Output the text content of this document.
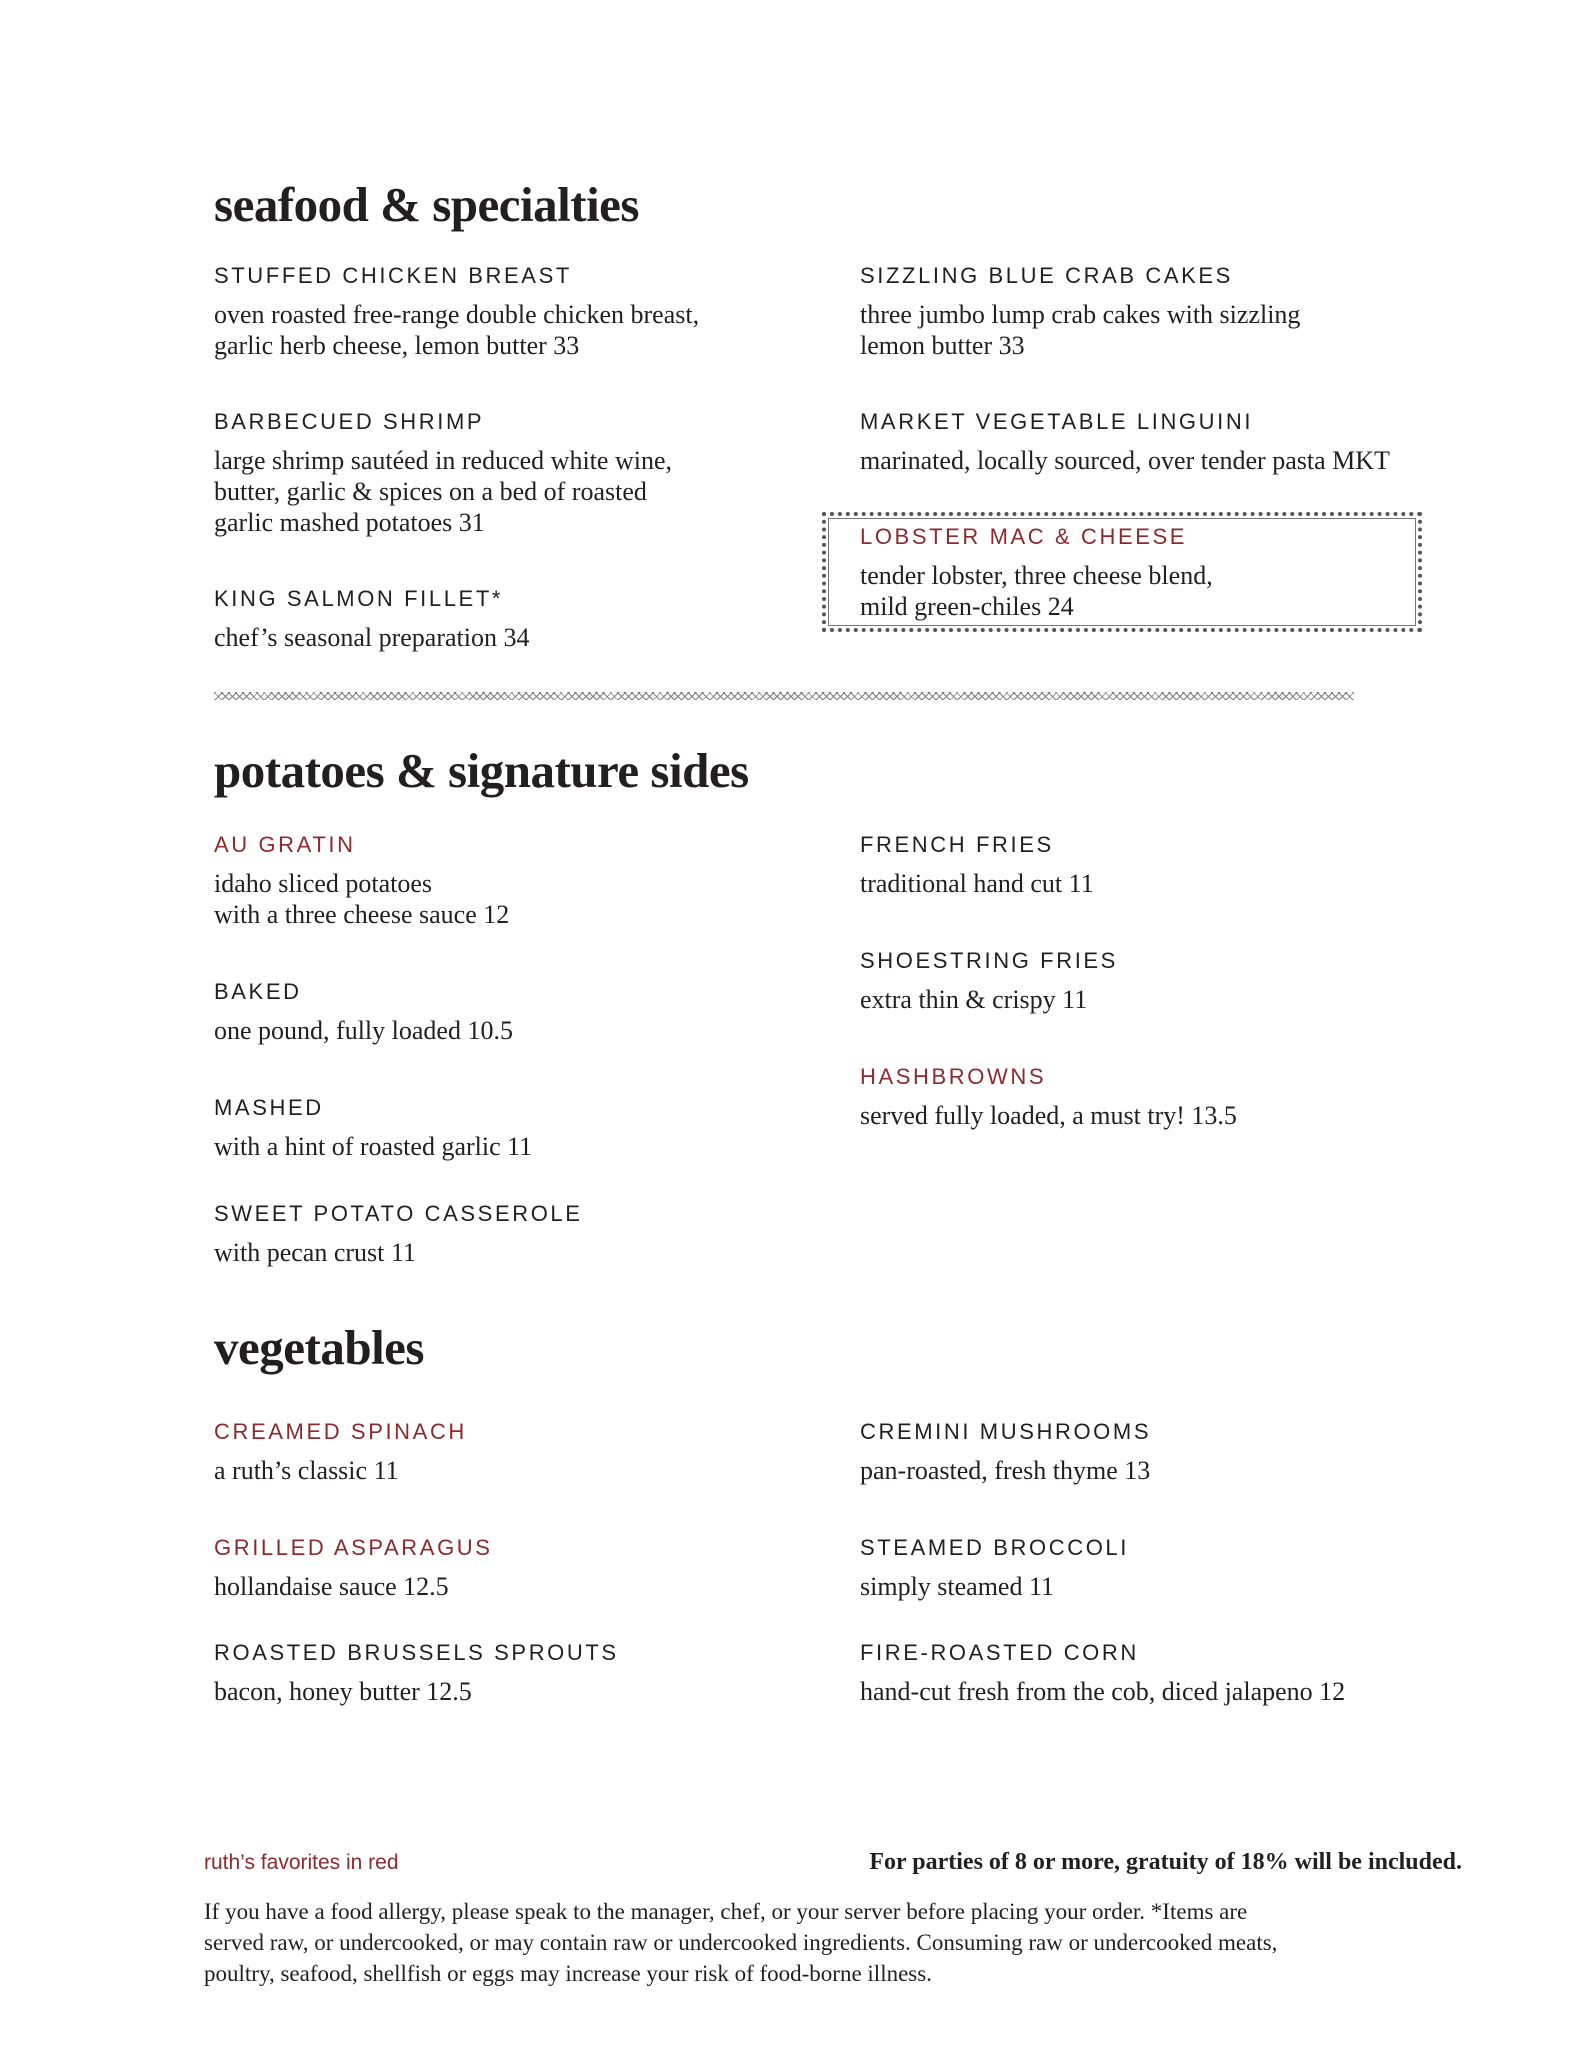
seafood & specialties

STUFFED CHICKEN BREAST

oven roasted free-range double chicken breast,
garlic herb cheese, lemon butter 33

BARBECUED SHRIMP

large shrimp sautéed in reduced white wine,
butter, garlic & spices on a bed of roasted
garlic mashed potatoes 31

KING SALMON FILLET*

chef’s seasonal preparation 34

SIZZLING BLUE CRAB CAKES

three jumbo lump crab cakes with sizzling
lemon butter 33

MARKET VEGETABLE LINGUINI

marinated, locally sourced, over tender pasta MKT

LOBSTER MAC & CHEESE

tender lobster, three cheese blend,
mild green-chiles 24

potatoes & signature sides

AU GRATIN

idaho sliced potatoes
with a three cheese sauce 12

BAKED

one pound, fully loaded 10.5

MASHED

with a hint of roasted garlic 11

SWEET POTATO CASSEROLE

with pecan crust 11

FRENCH FRIES

traditional hand cut 11

SHOESTRING FRIES

extra thin & crispy 11

HASHBROWNS

served fully loaded, a must try! 13.5

vegetables

CREAMED SPINACH

a ruth’s classic 11

GRILLED ASPARAGUS

hollandaise sauce 12.5

ROASTED BRUSSELS SPROUTS

bacon, honey butter 12.5

CREMINI MUSHROOMS

pan-roasted, fresh thyme 13

STEAMED BROCCOLI

simply steamed 11

FIRE-ROASTED CORN

hand-cut fresh from the cob, diced jalapeno 12

ruth’s favorites in red	For parties of 8 or more, gratuity of 18% will be included.
If you have a food allergy, please speak to the manager, chef, or your server before placing your order. *Items are
served raw, or undercooked, or may contain raw or undercooked ingredients. Consuming raw or undercooked meats,
poultry, seafood, shellfish or eggs may increase your risk of food-borne illness.
